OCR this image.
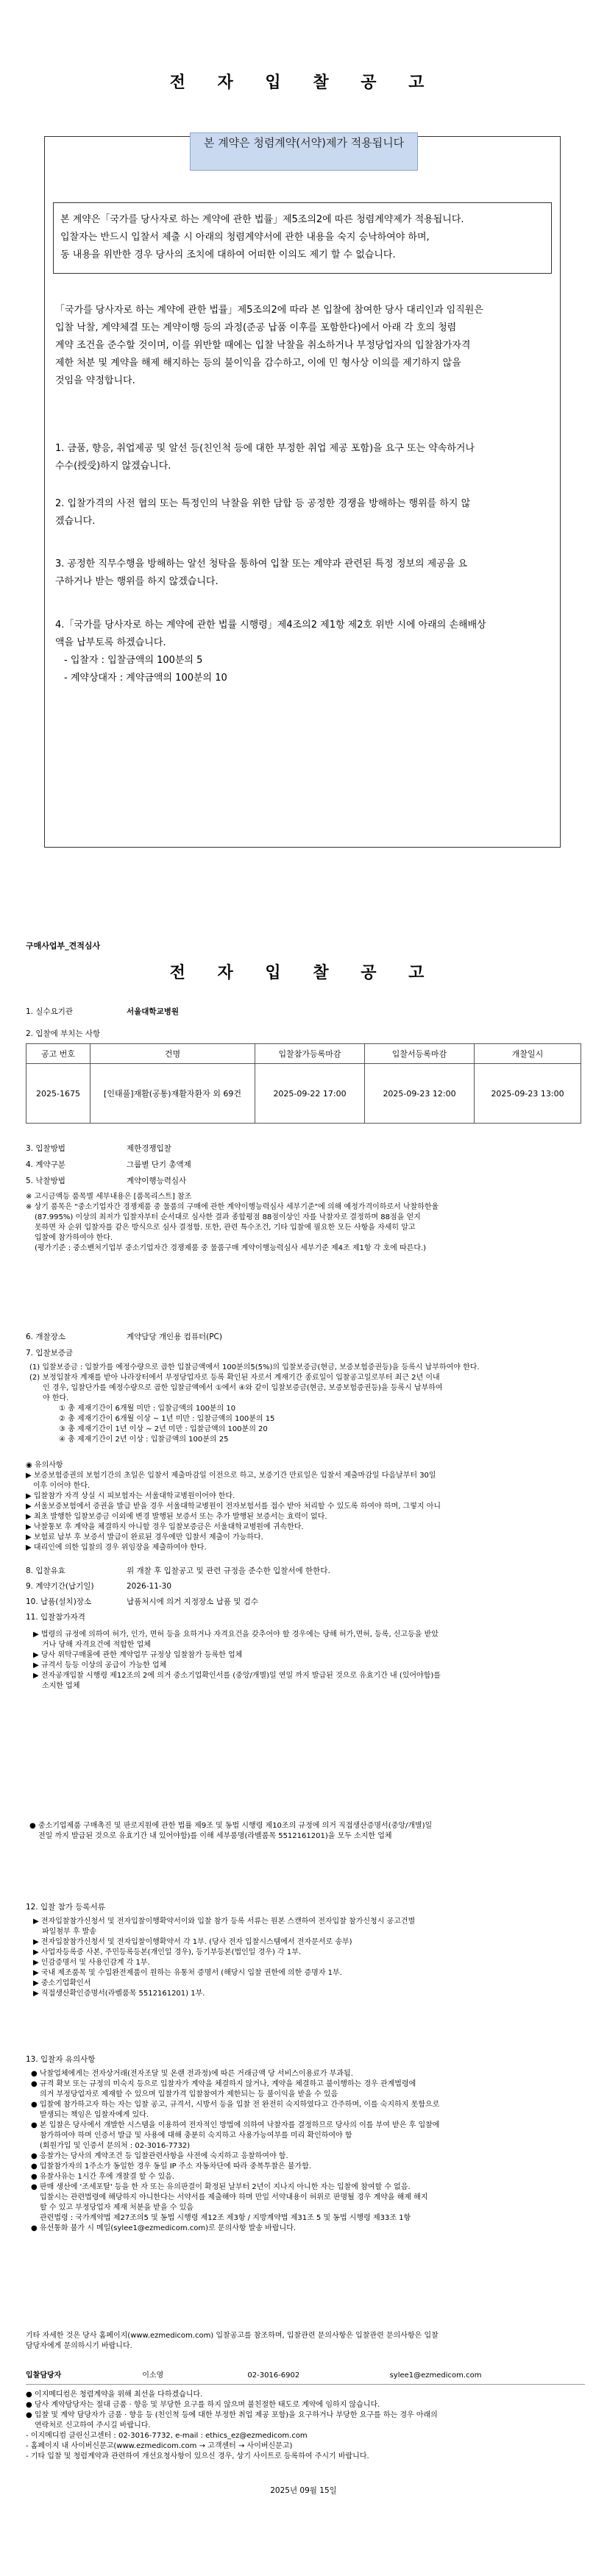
전 자 입 찰 공 고
본 계약은 청렴계약(서약)제가 적용됩니다
본 계약은「국가를 당사자로 하는 계약에 관한 법률」제5조의2에 따른 청렴계약제가 적용됩니다.
입찰자는 반드시 입찰서 제출 시 아래의 청렴계약서에 관한 내용을 숙지 승낙하여야 하며,
동 내용을 위반한 경우 당사의 조치에 대하여 어떠한 이의도 제기 할 수 없습니다.
「국가를 당사자로 하는 계약에 관한 법률」제5조의2에 따라 본 입찰에 참여한 당사 대리인과 임직원은
입찰 낙찰, 계약체결 또는 계약이행 등의 과정(준공 납품 이후를 포함한다)에서 아래 각 호의 청렴
계약 조건을 준수할 것이며, 이를 위반할 때에는 입찰 낙찰을 취소하거나 부정당업자의 입찰참가자격
제한 처분 및 계약을 해제 해지하는 등의 불이익을 감수하고, 이에 민 형사상 이의를 제기하지 않을
것임을 약정합니다.
1. 금품, 향응, 취업제공 및 알선 등(친인척 등에 대한 부정한 취업 제공 포함)을 요구 또는 약속하거나
수수(授受)하지 않겠습니다.
2. 입찰가격의 사전 협의 또는 특정인의 낙찰을 위한 담합 등 공정한 경쟁을 방해하는 행위를 하지 않
겠습니다.
3. 공정한 직무수행을 방해하는 알선 청탁을 통하여 입찰 또는 계약과 관련된 특정 정보의 제공을 요
구하거나 받는 행위를 하지 않겠습니다.
4.「국가를 당사자로 하는 계약에 관한 법률 시행령」제4조의2 제1항 제2호 위반 시에 아래의 손해배상
액을 납부토록 하겠습니다.
- 입찰자 : 입찰금액의 100분의 5
- 계약상대자 : 계약금액의 100분의 10
구매사업부_견적심사
전 자 입 찰 공 고
1. 실수요기관	서울대학교병원
2. 입찰에 부치는 사항
공고 번호	건명	입찰참가등록마감	입찰서등록마감	개찰일시
2025-1675	[인태풀]재활(공통)재활자환자 외 69건	2025-09-22 17:00	2025-09-23 12:00	2025-09-23 13:00
3. 입찰방법	제한경쟁입찰
4. 계약구분	그룹별 단기 총액제
5. 낙찰방법	계약이행능력심사
※ 고시금액등 품목별 세부내용은 [품목리스트] 참조
※ 상기 품목은 "중소기업자간 경쟁제품 중 물품의 구매에 관한 계약이행능력심사 세부기준"에 의해 예정가격이하로서 낙찰하한율
(87.995%) 이상의 최저가 입찰자부터 순서대로 심사한 결과 종합평점 88점이상인 자를 낙찰자로 결정하며 88점을 얻지
못하면 차 순위 입찰자를 같은 방식으로 심사 결정함. 또한, 관련 특수조건, 기타 입찰에 필요한 모든 사항을 자세히 알고
입찰에 참가하여야 한다.
(평가기준 : 중소벤처기업부 중소기업자간 경쟁제품 중 물품구매 계약이행능력심사 세부기준 제4조 제1항 각 호에 따른다.)
6. 개찰장소	계약담당 개인용 컴퓨터(PC)
7. 입찰보증금
(1) 입찰보증금 : 입찰가를 예정수량으로 곱한 입찰금액에서 100분의5(5%)의 입찰보증금(현금, 보증보험증권등)을 등록시 납부하여야 한다.
(2) 보정입찰자 계재를 받아 나라장터에서 부정당업자로 등록 확인된 자로서 계재기간 종료일이 입찰공고일로부터 최근 2년 이내
인 경우, 입찰단가를 예정수량으로 곱한 입찰금액에서 ①에서 ④와 같이 입찰보증금(현금, 보증보험증권등)을 등록시 납부하여
야 한다.
① 총 제재기간이 6개월 미만 : 입찰금액의 100분의 10
② 총 제재기간이 6개월 이상 ~ 1년 미만 : 입찰금액의 100분의 15
③ 총 제재기간이 1년 이상 ~ 2년 미만 : 입찰금액의 100분의 20
④ 총 제재기간이 2년 이상 : 입찰금액의 100분의 25
◉ 유의사항
▶ 보증보험증권의 보험기간의 초일은 입찰서 제출마감일 이전으로 하고, 보증기간 만료일은 입찰서 제출마감일 다음날부터 30일
이후 이어야 한다.
▶ 입찰참가 자격 상실 시 피보험자는 서울대학교병원이어야 한다.
▶ 서울보증보험에서 증권을 발급 받을 경우 서울대학교병원이 전자보험서를 접수 받아 처리할 수 있도록 하여야 하며, 그렇지 아니
▶ 최초 발행한 입찰보증금 이외에 변경 발행된 보증서 또는 추가 발행된 보증서는 효력이 없다.
▶ 낙찰통보 후 계약을 체결하지 아니할 경우 입찰보증금은 서울대학교병원에 귀속한다.
▶ 보험료 납부 후 보증서 발급이 완료된 경우에만 입찰서 제출이 가능하다.
▶ 대리인에 의한 입찰의 경우 위임장을 제출하여야 한다.
8. 입찰유효	위 개찰 후 입찰공고 및 관련 규정을 준수한 입찰서에 한한다.
9. 계약기간(납기일)	2026-11-30
10. 납품(설치)장소	납품처시에 의거 지정장소 납품 및 검수
11. 입찰참가자격
▶ 법령의 규정에 의하여 허가, 인가, 면허 등을 요하거나 자격요건을 갖추어야 할 경우에는 당해 허가,면허, 등록, 신고등을 받았
거나 당해 자격요건에 적합한 업체
▶ 당사 위탁구매몰에 관한 계약업무 규정상 입찰참가 등록한 업체
▶ 규격서 등등 이상의 공급이 가능한 업체
▶ 전자공개입찰 시행령 제12조의 2에 의거 중소기업확인서를 (중앙/개별)일 연일 까지 발급된 것으로 유효기간 내 (있어야함)를
소지한 업체
● 중소기업제품 구매촉진 및 판로지원에 관한 법률 제9조 및 동법 시행령 제10조의 규정에 의거 직접생산증명서(중앙/개별)일
전일 까지 발급된 것으로 유효기간 내 있어야함)를 이해 세부품명(라벨품목 5512161201)을 모두 소지한 업체
12. 입찰 참가 등록서류
▶ 전자입찰참가신청서 및 전자입찰이행확약서이와 입찰 참가 등록 서류는 원본 스캔하여 전자입찰 참가신청시 공고건별
파일첨부 후 발송
▶ 전자입찰참가신청서 및 전자입찰이행확약서 각 1부. (당사 전자 입찰시스템에서 전자문서로 송부)
▶ 사업자등록증 사본, 주민등록등본(개인일 경우), 등기부등본(법인일 경우) 각 1부.
▶ 인감증명서 및 사용인감계 각 1부.
▶ 국내 제조품목 및 수입완전제품이 원하는 유통처 증명서 (해당시 입찰 권한에 의한 증명자 1부.
▶ 중소기업확인서
▶ 직접생산확인증명서(라벨품목 5512161201) 1부.
13. 입찰자 유의사항
● 낙찰업체에게는 전자상거래(전자조달 및 온랜 전과정)에 따른 거래금액 당 서비스이용료가 부과됨.
● 규격 확보 또는 규정의 미숙지 등으로 입찰자가 계약을 체결하지 않거나, 계약을 체결하고 불이행하는 경우 관계법령에
의거 부정당업자로 제재할 수 있으며 입찰가격 입찰참여가 제한되는 등 불이익을 받을 수 있음
● 입찰에 참가하고자 하는 자는 입찰 공고, 규격서, 시방서 등을 입찰 전 완전히 숙지하였다고 간주하며, 이를 숙지하지 못함으로
발생되는 책임은 입찰자에게 있다.
● 본 입찰은 당사에서 개발한 시스템을 이용하여 전자적인 방법에 의하여 낙찰자를 결정하므로 당사의 이를 부여 받은 후 입찰에
참가하여야 하며 인증서 발급 및 사용에 대해 충분히 숙지하고 사용가능여부를 미리 확인하여야 함
(회원가입 및 인증서 문의처 : 02-3016-7732)
● 응찰가는 당사의 계약조건 등 입찰관련사항을 사전에 숙지하고 응찰하여야 함.
● 입찰참가자의 1주소가 동일한 경우 동일 IP 주소 자동차단에 따라 중복투찰은 불가함.
● 유찰사유는 1시간 후에 개찰결 할 수 있음.
● 판매 생산에 '조세포탈' 등을 한 자 또는 유의판결이 확정된 날부터 2년이 지나지 아니한 자는 입찰에 참여할 수 없음.
입찰시는 관련법령에 해당하지 아니한다는 서약서를 제출해야 하며 만일 서약내용이 허위로 판명될 경우 계약을 해제 해지
할 수 있고 부정당업자 제재 처분을 받을 수 있음
관련법령 : 국가계약법 제27조의5 및 동법 시행령 제12조 제3항 / 지방계약법 제31조 5 및 동법 시행령 제33조 1항
● 유선통화 불가 시 메일(sylee1@ezmedicom.com)로 문의사항 발송 바랍니다.
기타 자세한 것은 당사 홈페이지(www.ezmedicom.com) 입찰공고를 참조하며, 입찰관련 문의사항은 입찰관련 문의사항은 입찰
담당자에게 문의하시기 바랍니다.
입찰담당자	이소영	02-3016-6902	sylee1@ezmedicom.com
● 이지메디컴은 청렴계약을 위해 최선을 다하겠습니다.
● 당사 계약담당자는 절대 금품 · 향응 및 부당한 요구를 하지 않으며 불친절한 태도로 계약에 임하지 않습니다.
● 입찰 및 계약 담당자가 금품 · 향응 등 (친인척 등에 대한 부정한 취업 제공 포함)을 요구하거나 부당한 요구를 하는 경우 아래의
연락처로 신고하여 주시길 바랍니다.
- 이지메디컴 클린신고센터 : 02-3016-7732, e-mail : ethics_ez@ezmedicom.com
- 홈페이지 내 사이버신문고(www.ezmedicom.com → 고객센터 → 사이버신문고)
- 기타 입찰 및 청렴계약과 관련하여 개선요청사항이 있으신 경우, 상기 사이트로 등록하여 주시기 바랍니다.
2025년 09월 15일
